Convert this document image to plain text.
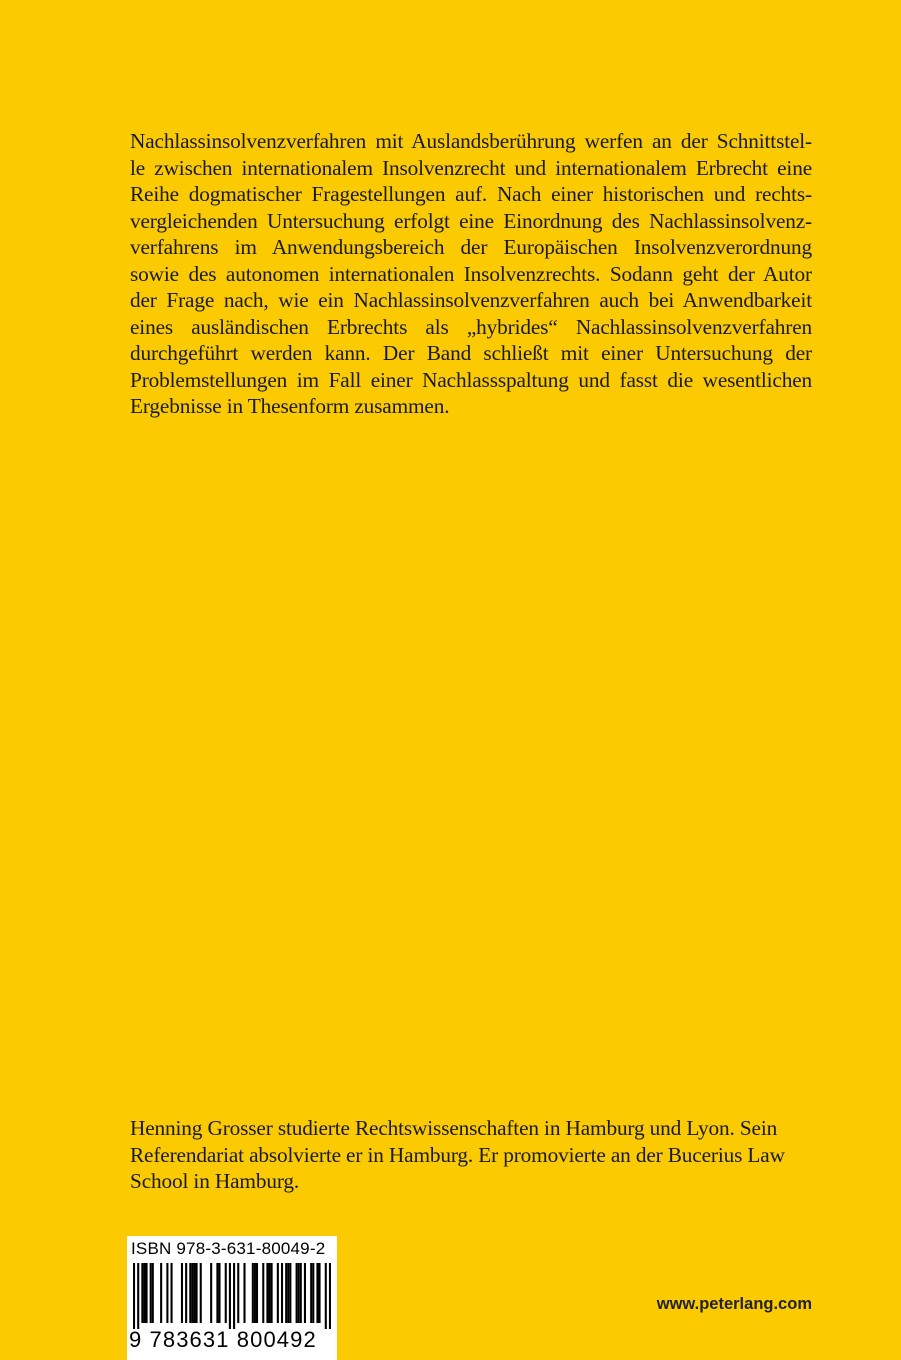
Nachlassinsolvenzverfahren mit Auslandsberührung werfen an der Schnittstel-
le zwischen internationalem Insolvenzrecht und internationalem Erbrecht eine
Reihe dogmatischer Fragestellungen auf. Nach einer historischen und rechts-
vergleichenden Untersuchung erfolgt eine Einordnung des Nachlassinsolvenz-
verfahrens im Anwendungsbereich der Europäischen Insolvenzverordnung
sowie des autonomen internationalen Insolvenzrechts. Sodann geht der Autor
der Frage nach, wie ein Nachlassinsolvenzverfahren auch bei Anwendbarkeit
eines ausländischen Erbrechts als „hybrides“ Nachlassinsolvenzverfahren
durchgeführt werden kann. Der Band schließt mit einer Untersuchung der
Problemstellungen im Fall einer Nachlassspaltung und fasst die wesentlichen
Ergebnisse in Thesenform zusammen.

Henning Grosser studierte Rechtswissenschaften in Hamburg und Lyon. Sein
Referendariat absolvierte er in Hamburg. Er promovierte an der Bucerius Law
School in Hamburg.

ISBN 978-3-631-80049-2
9 783631 800492
www.peterlang.com
